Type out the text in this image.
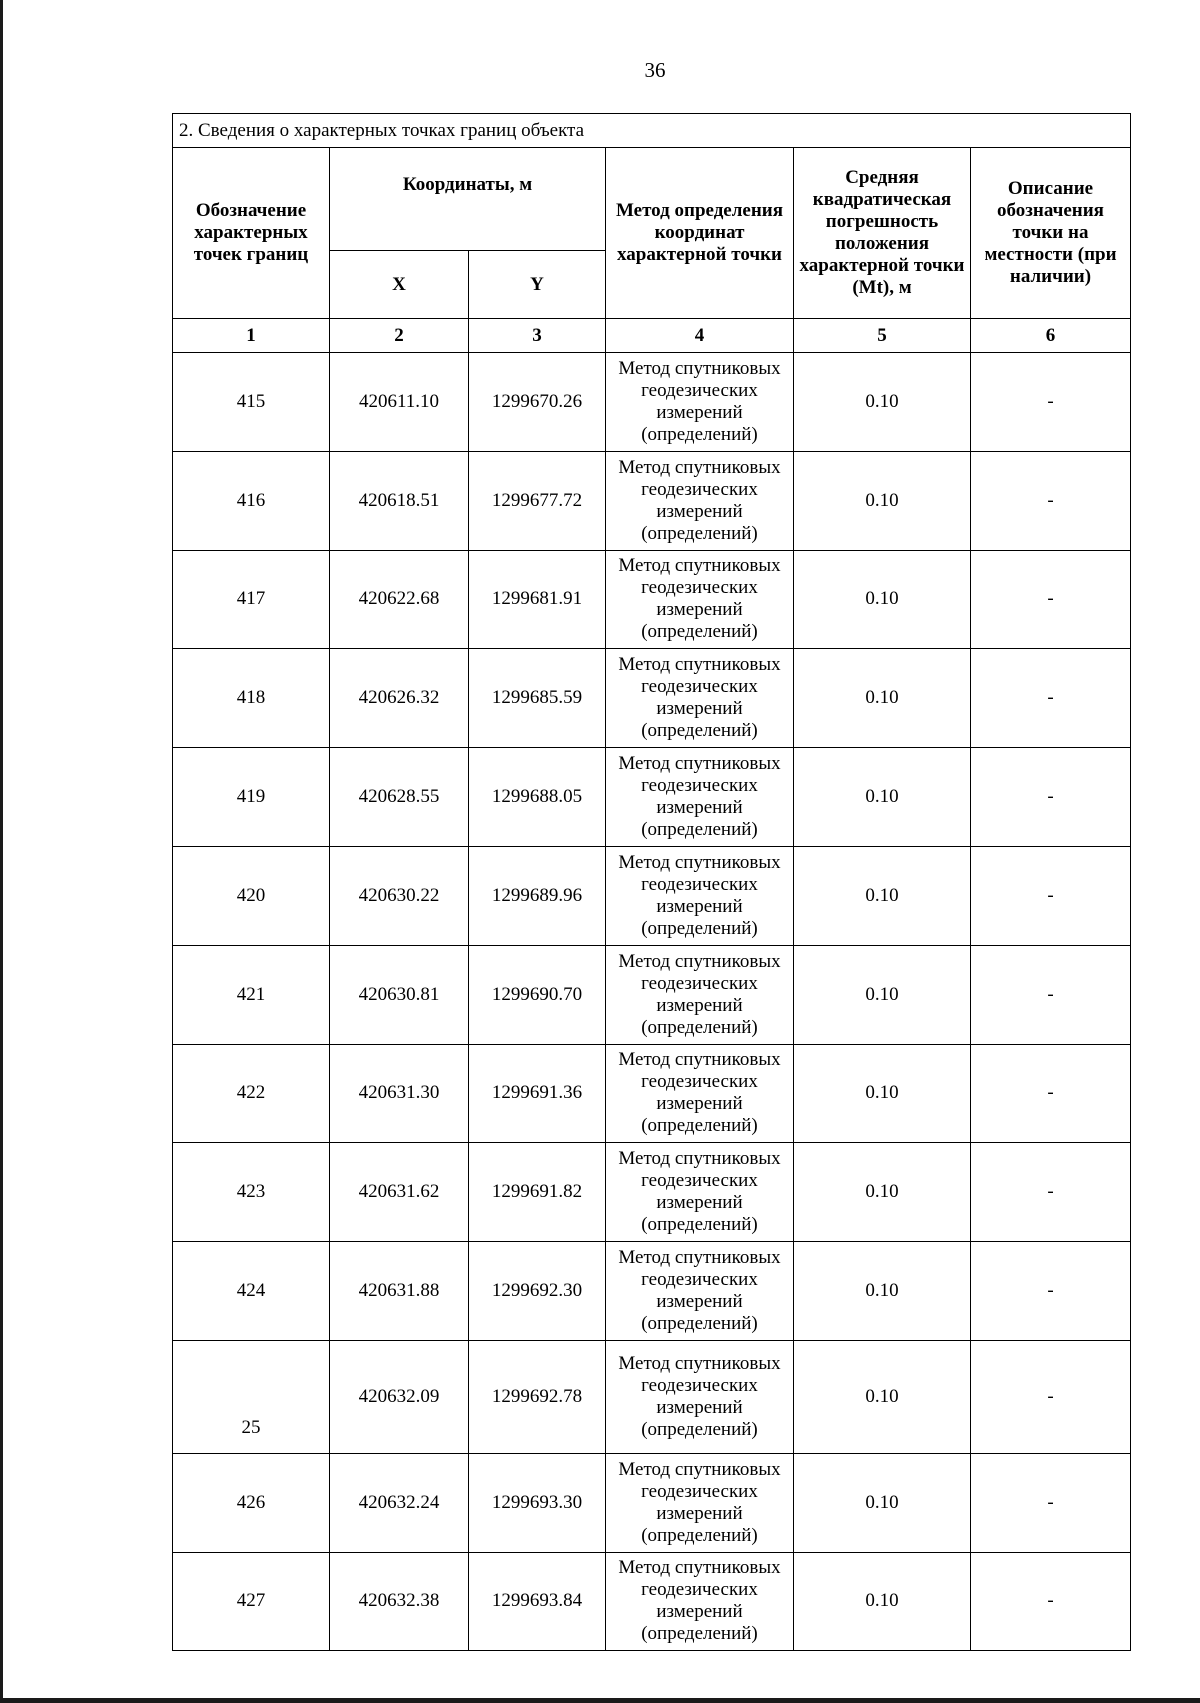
36
2. Сведения о характерных точках границ объекта					
Обозначение характерных точек границ	Координаты, м		Метод определения координат характерной точки	Средняя квадратическая погрешность положения характерной точки (Mt), м	Описание обозначения точки на местности (при наличии)
	X	Y			
1	2	3	4	5	6
415	420611.10	1299670.26	Метод спутниковых геодезических измерений (определений)	0.10	-
416	420618.51	1299677.72	Метод спутниковых геодезических измерений (определений)	0.10	-
417	420622.68	1299681.91	Метод спутниковых геодезических измерений (определений)	0.10	-
418	420626.32	1299685.59	Метод спутниковых геодезических измерений (определений)	0.10	-
419	420628.55	1299688.05	Метод спутниковых геодезических измерений (определений)	0.10	-
420	420630.22	1299689.96	Метод спутниковых геодезических измерений (определений)	0.10	-
421	420630.81	1299690.70	Метод спутниковых геодезических измерений (определений)	0.10	-
422	420631.30	1299691.36	Метод спутниковых геодезических измерений (определений)	0.10	-
423	420631.62	1299691.82	Метод спутниковых геодезических измерений (определений)	0.10	-
424	420631.88	1299692.30	Метод спутниковых геодезических измерений (определений)	0.10	-
25	420632.09	1299692.78	Метод спутниковых геодезических измерений (определений)	0.10	-
426	420632.24	1299693.30	Метод спутниковых геодезических измерений (определений)	0.10	-
427	420632.38	1299693.84	Метод спутниковых геодезических измерений (определений)	0.10	-
